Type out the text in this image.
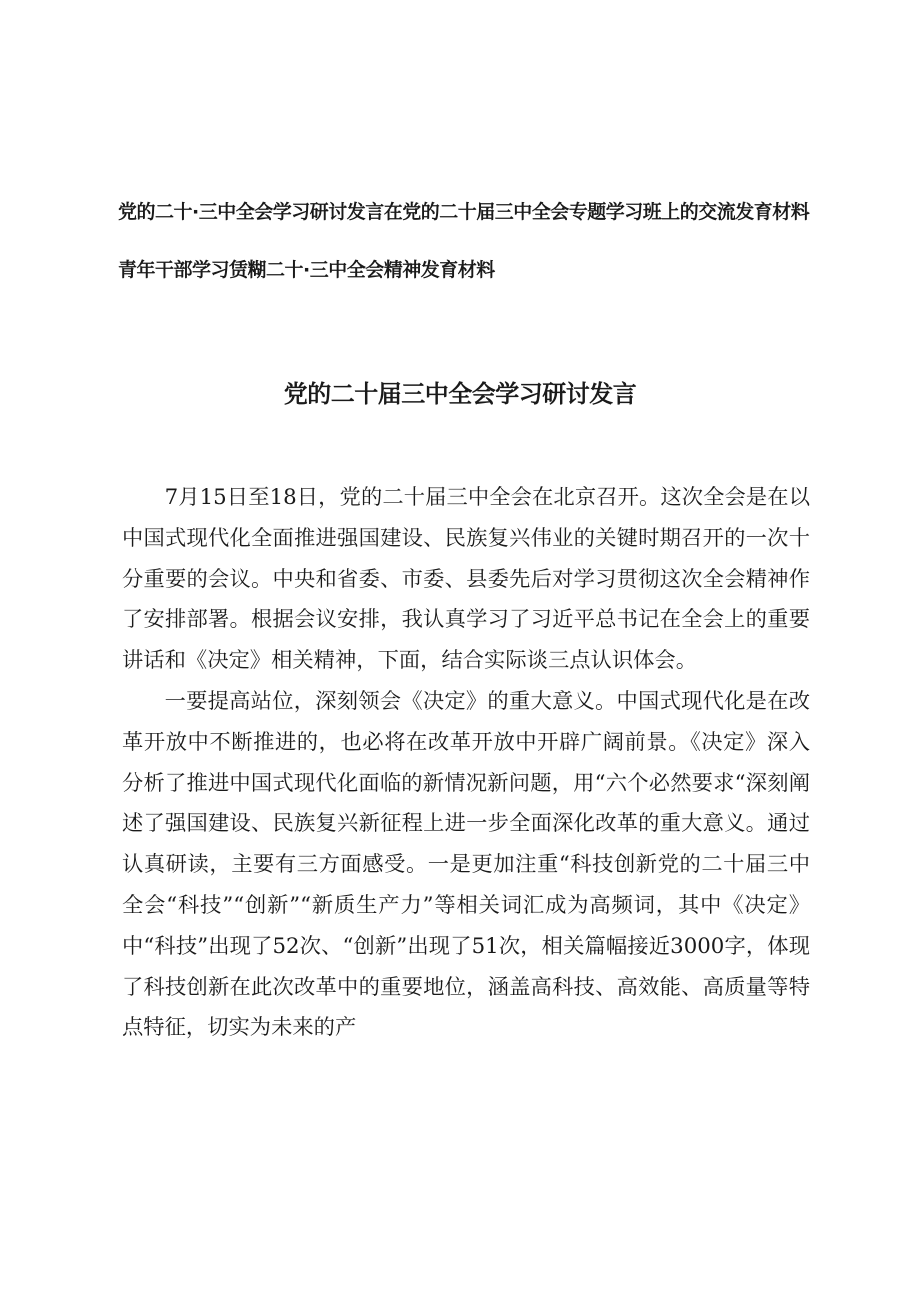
党的二十·三中全会学习研讨发言在党的二十届三中全会专题学习班上的交流发育材料

青年干部学习赁糊二十·三中全会精神发育材料

党的二十届三中全会学习研讨发言

7月15日至18日，党的二十届三中全会在北京召开。这次全会是在以中国式现代化全面推进强国建设、民族复兴伟业的关键时期召开的一次十分重要的会议。中央和省委、市委、县委先后对学习贯彻这次全会精神作了安排部署。根据会议安排，我认真学习了习近平总书记在全会上的重要讲话和《决定》相关精神，下面，结合实际谈三点认识体会。

一要提高站位，深刻领会《决定》的重大意义。中国式现代化是在改革开放中不断推进的，也必将在改革开放中开辟广阔前景。《决定》深入分析了推进中国式现代化面临的新情况新问题，用“六个必然要求“深刻阐述了强国建设、民族复兴新征程上进一步全面深化改革的重大意义。通过认真研读，主要有三方面感受。一是更加注重“科技创新党的二十届三中全会“科技”“创新”“新质生产力”等相关词汇成为高频词，其中《决定》中“科技”出现了52次、“创新”出现了51次，相关篇幅接近3000字，体现了科技创新在此次改革中的重要地位，涵盖高科技、高效能、高质量等特点特征，切实为未来的产
